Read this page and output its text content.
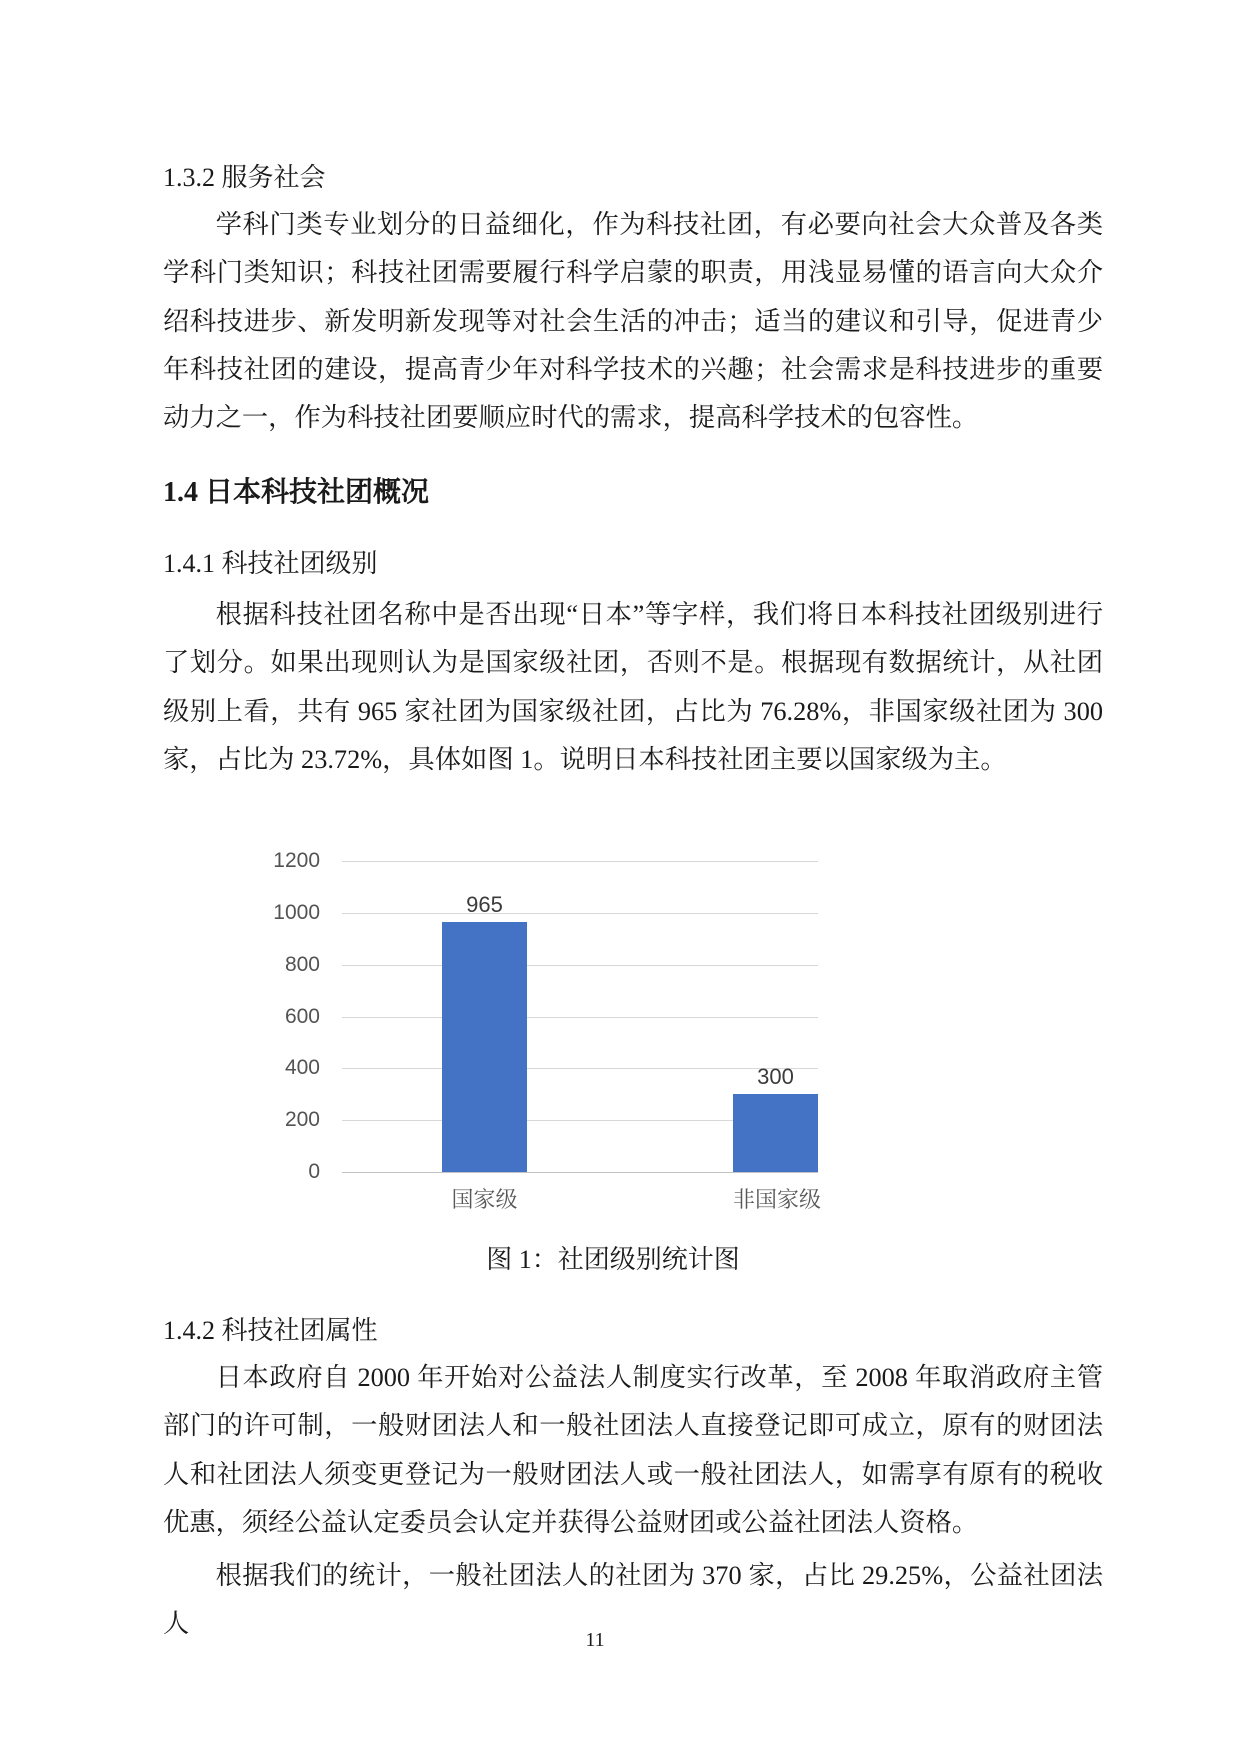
1.3.2 服务社会
学科门类专业划分的日益细化，作为科技社团，有必要向社会大众普及各类学科门类知识；科技社团需要履行科学启蒙的职责，用浅显易懂的语言向大众介绍科技进步、新发明新发现等对社会生活的冲击；适当的建议和引导，促进青少年科技社团的建设，提高青少年对科学技术的兴趣；社会需求是科技进步的重要动力之一，作为科技社团要顺应时代的需求，提高科学技术的包容性。
1.4 日本科技社团概况
1.4.1 科技社团级别
根据科技社团名称中是否出现“日本”等字样，我们将日本科技社团级别进行了划分。如果出现则认为是国家级社团，否则不是。根据现有数据统计，从社团级别上看，共有 965 家社团为国家级社团，占比为 76.28%，非国家级社团为 300 家，占比为 23.72%，具体如图 1。说明日本科技社团主要以国家级为主。
0
200
400
600
800
1000
1200
965
国家级
300
非国家级
图 1：社团级别统计图
1.4.2 科技社团属性
日本政府自 2000 年开始对公益法人制度实行改革，至 2008 年取消政府主管部门的许可制，一般财团法人和一般社团法人直接登记即可成立，原有的财团法人和社团法人须变更登记为一般财团法人或一般社团法人，如需享有原有的税收优惠，须经公益认定委员会认定并获得公益财团或公益社团法人资格。
根据我们的统计，一般社团法人的社团为 370 家，占比 29.25%，公益社团法人
11
